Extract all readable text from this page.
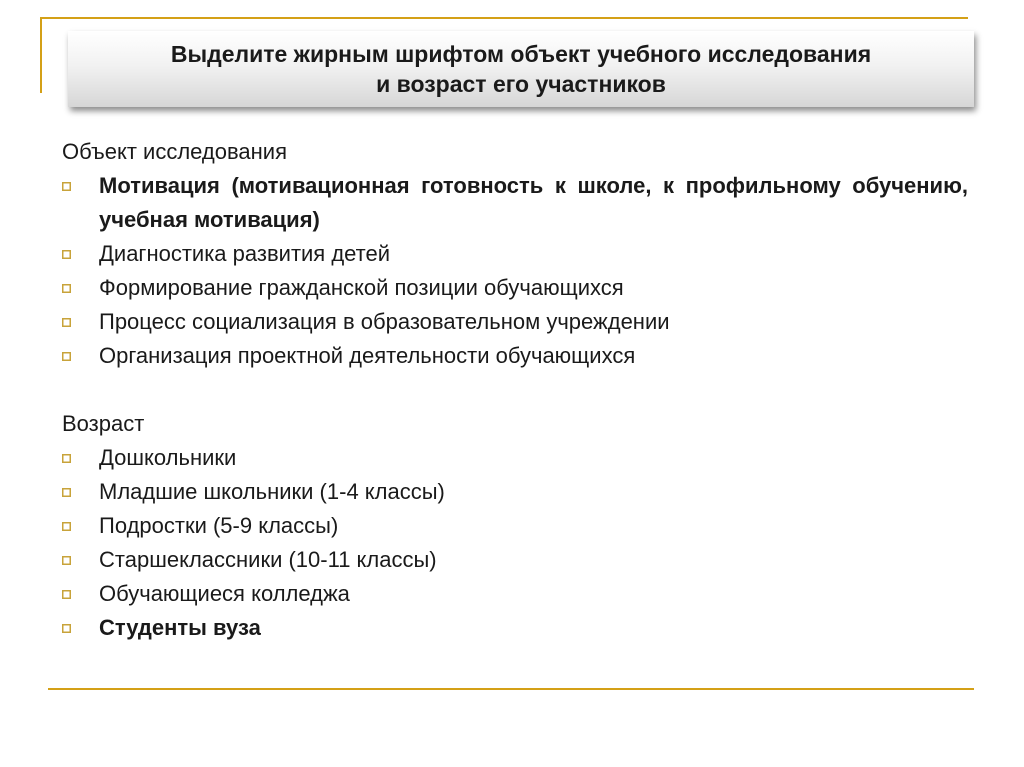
Выделите жирным шрифтом объект учебного исследования
и возраст его участников
Объект исследования
Мотивация (мотивационная готовность к школе, к профильному обучению, учебная мотивация)
Диагностика развития детей
Формирование гражданской позиции обучающихся
Процесс социализация в образовательном учреждении
Организация проектной деятельности обучающихся
Возраст
Дошкольники
Младшие школьники (1-4 классы)
Подростки (5-9 классы)
Старшеклассники (10-11 классы)
Обучающиеся колледжа
Студенты вуза
